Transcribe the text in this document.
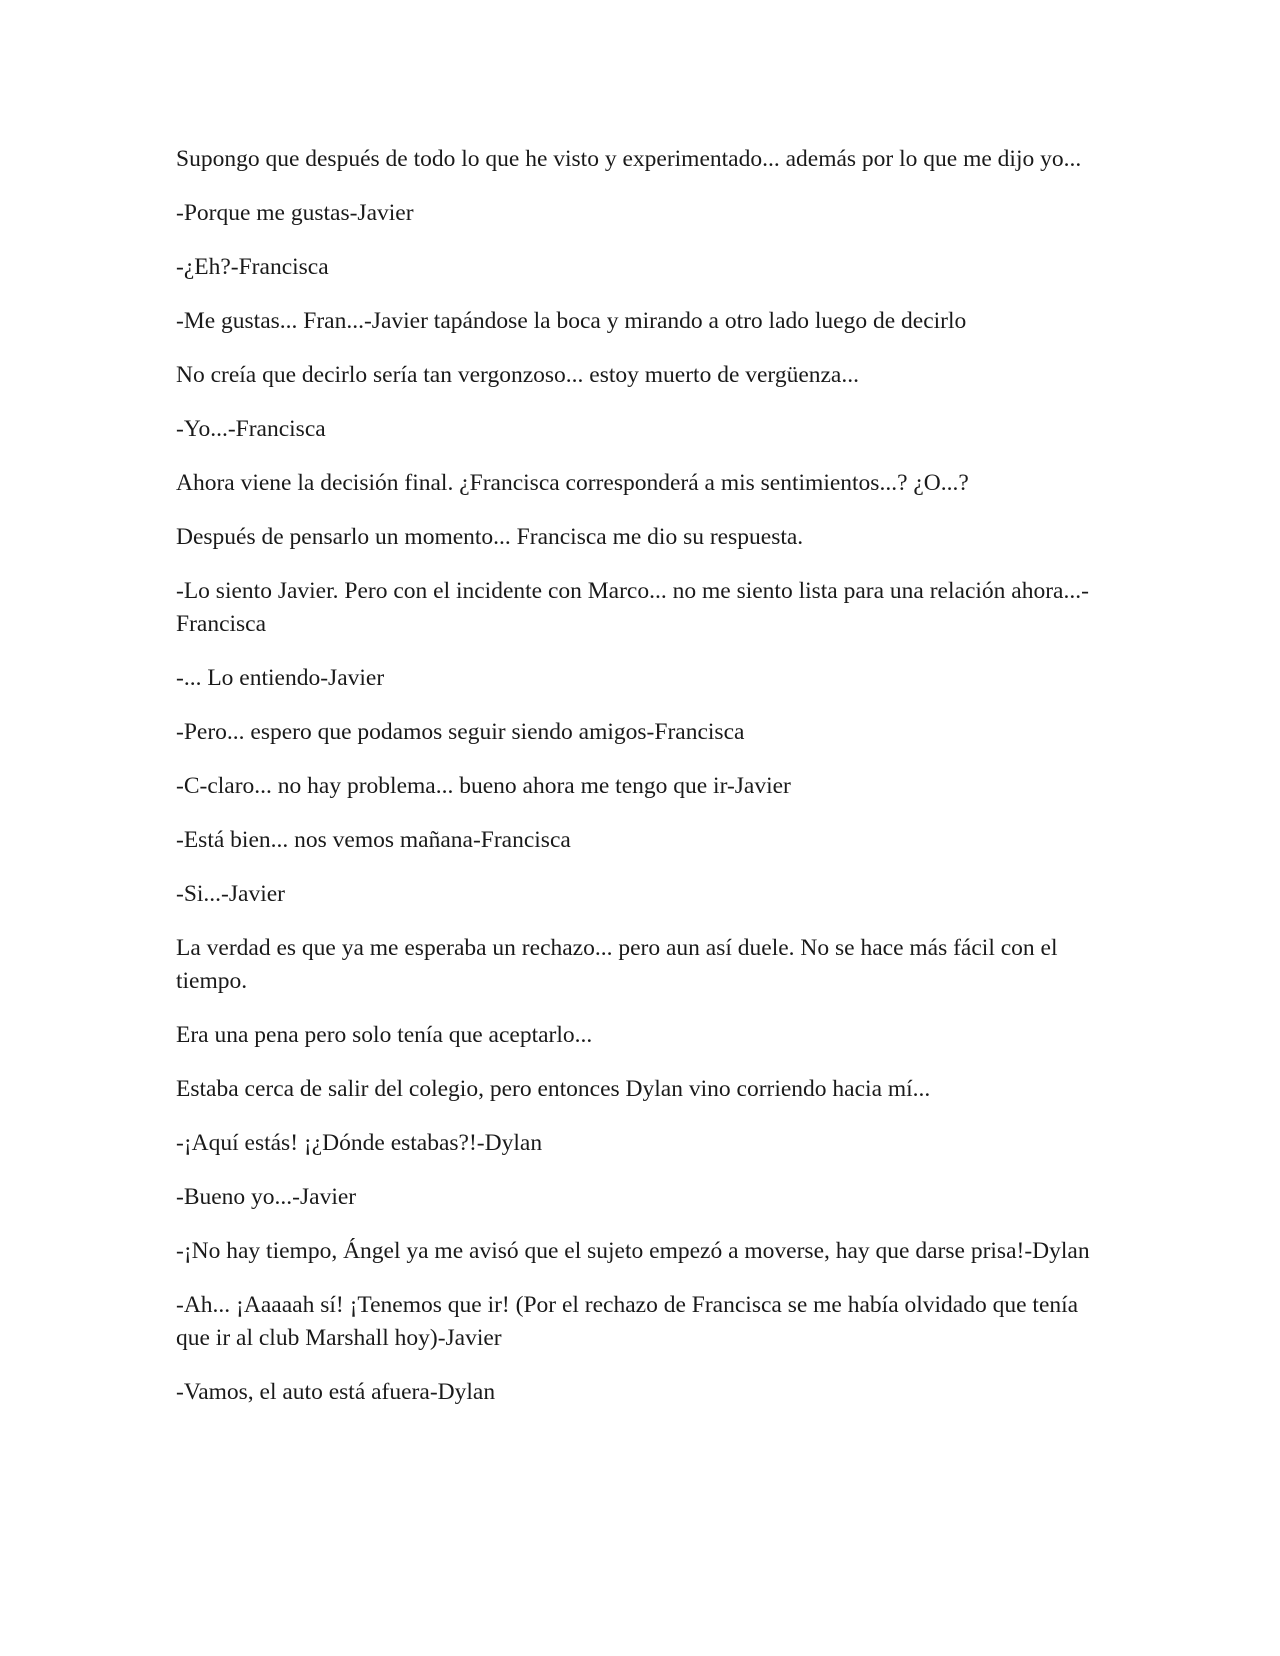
Supongo que después de todo lo que he visto y experimentado... además por lo que me dijo yo...

-Porque me gustas-Javier

-¿Eh?-Francisca

-Me gustas... Fran...-Javier tapándose la boca y mirando a otro lado luego de decirlo

No creía que decirlo sería tan vergonzoso... estoy muerto de vergüenza...

-Yo...-Francisca

Ahora viene la decisión final. ¿Francisca corresponderá a mis sentimientos...? ¿O...?

Después de pensarlo un momento... Francisca me dio su respuesta.

-Lo siento Javier. Pero con el incidente con Marco... no me siento lista para una relación ahora...-Francisca

-... Lo entiendo-Javier

-Pero... espero que podamos seguir siendo amigos-Francisca

-C-claro... no hay problema... bueno ahora me tengo que ir-Javier

-Está bien... nos vemos mañana-Francisca

-Si...-Javier

La verdad es que ya me esperaba un rechazo... pero aun así duele. No se hace más fácil con el tiempo.

Era una pena pero solo tenía que aceptarlo...

Estaba cerca de salir del colegio, pero entonces Dylan vino corriendo hacia mí...

-¡Aquí estás! ¡¿Dónde estabas?!-Dylan

-Bueno yo...-Javier

-¡No hay tiempo, Ángel ya me avisó que el sujeto empezó a moverse, hay que darse prisa!-Dylan

-Ah... ¡Aaaaah sí! ¡Tenemos que ir! (Por el rechazo de Francisca se me había olvidado que tenía que ir al club Marshall hoy)-Javier

-Vamos, el auto está afuera-Dylan
